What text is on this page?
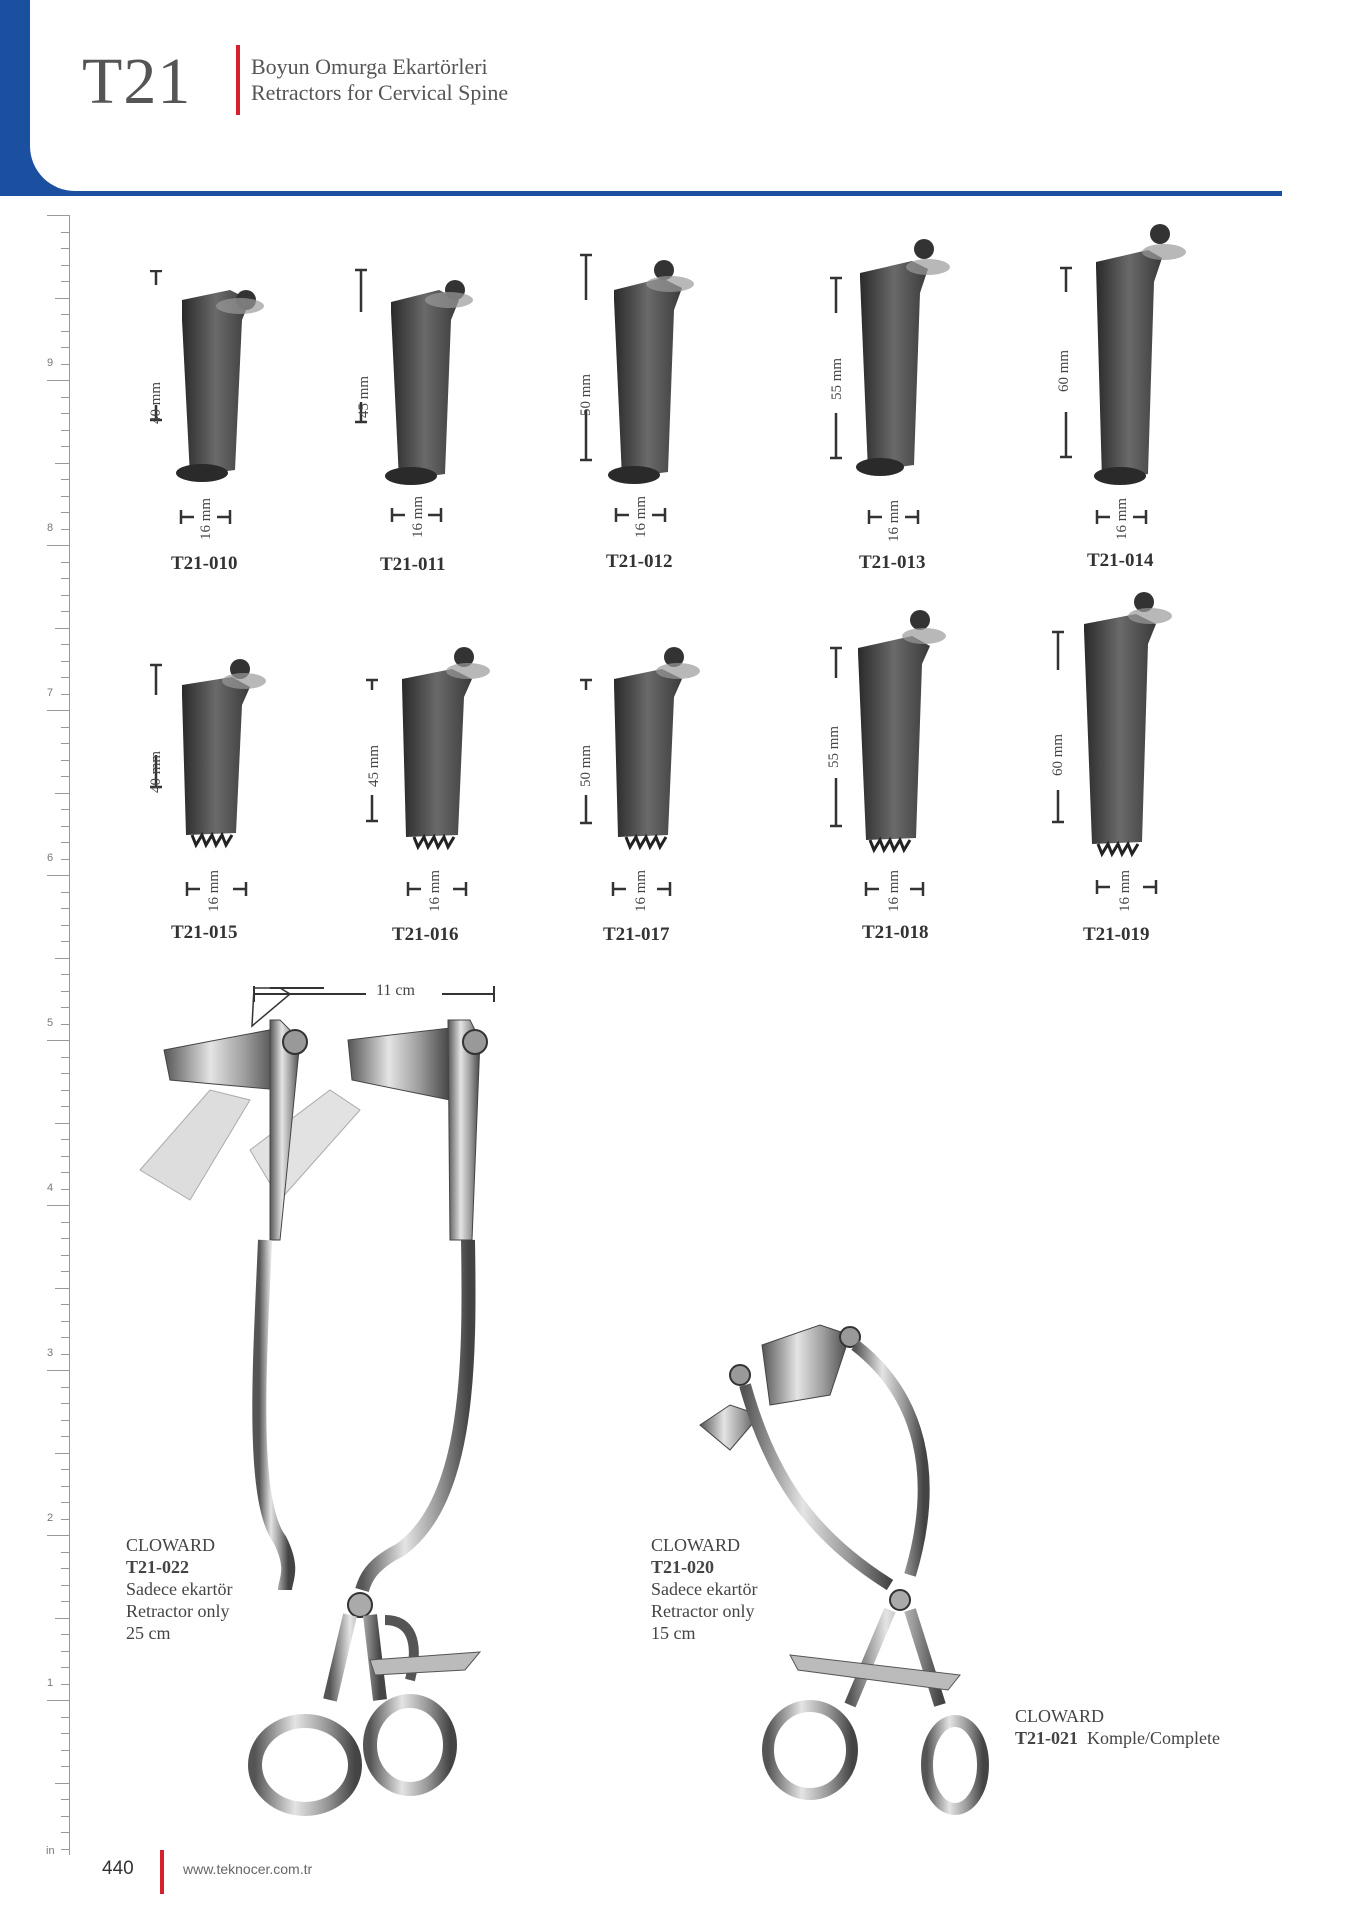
T21	Boyun Omurga Ekartörleri
Retractors for Cervical Spine
9
8
7
6
5
4
3
2
1
in
40 mm	45 mm	50 mm	55 mm	60 mm
16 mm	16 mm	16 mm	16 mm	16 mm
T21-010	T21-011	T21-012	T21-013	T21-014
40 mm	45 mm	50 mm	55 mm	60 mm
16 mm	16 mm	16 mm	16 mm	16 mm
T21-015	T21-016	T21-017	T21-018	T21-019
11 cm
CLOWARD
T21-022
Sadece ekartör
Retractor only
25 cm
CLOWARD
T21-020
Sadece ekartör
Retractor only
15 cm
CLOWARD
T21-021 Komple/Complete
440	www.teknocer.com.tr
